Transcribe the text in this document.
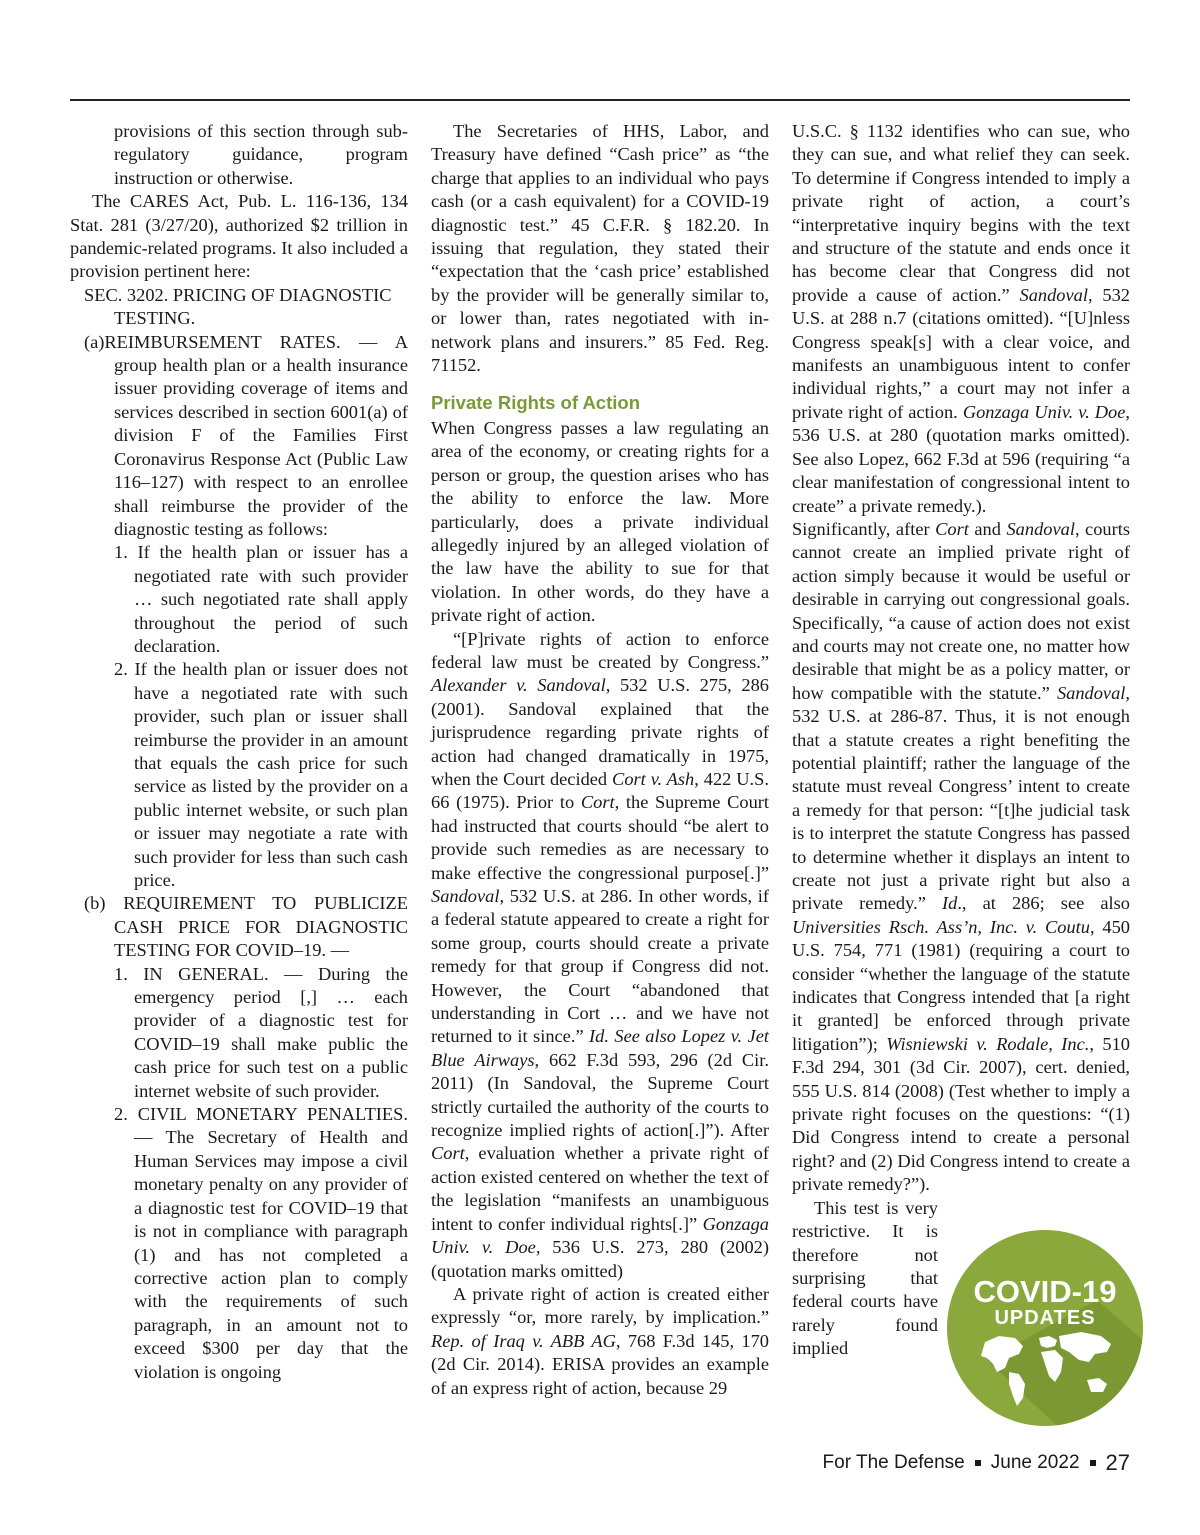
provisions of this section through sub-regulatory guidance, program instruction or otherwise.

The CARES Act, Pub. L. 116-136, 134 Stat. 281 (3/27/20), authorized $2 trillion in pandemic-related programs. It also included a provision pertinent here:

SEC. 3202. PRICING OF DIAGNOSTIC TESTING.

(a)REIMBURSEMENT RATES. — A group health plan or a health insurance issuer providing coverage of items and services described in section 6001(a) of division F of the Families First Coronavirus Response Act (Public Law 116–127) with respect to an enrollee shall reimburse the provider of the diagnostic testing as follows:

1. If the health plan or issuer has a negotiated rate with such provider … such negotiated rate shall apply throughout the period of such declaration.

2. If the health plan or issuer does not have a negotiated rate with such provider, such plan or issuer shall reimburse the provider in an amount that equals the cash price for such service as listed by the provider on a public internet website, or such plan or issuer may negotiate a rate with such provider for less than such cash price.

(b) REQUIREMENT TO PUBLICIZE CASH PRICE FOR DIAGNOSTIC TESTING FOR COVID–19. —

1. IN GENERAL. — During the emergency period [,] … each provider of a diagnostic test for COVID–19 shall make public the cash price for such test on a public internet website of such provider.

2. CIVIL MONETARY PENALTIES. — The Secretary of Health and Human Services may impose a civil monetary penalty on any provider of a diagnostic test for COVID–19 that is not in compliance with paragraph (1) and has not completed a corrective action plan to comply with the requirements of such paragraph, in an amount not to exceed $300 per day that the violation is ongoing

The Secretaries of HHS, Labor, and Treasury have defined “Cash price” as “the charge that applies to an individual who pays cash (or a cash equivalent) for a COVID-19 diagnostic test.” 45 C.F.R. § 182.20. In issuing that regulation, they stated their “expectation that the ‘cash price’ established by the provider will be generally similar to, or lower than, rates negotiated with in-network plans and insurers.” 85 Fed. Reg. 71152.

Private Rights of Action

When Congress passes a law regulating an area of the economy, or creating rights for a person or group, the question arises who has the ability to enforce the law. More particularly, does a private individual allegedly injured by an alleged violation of the law have the ability to sue for that violation. In other words, do they have a private right of action.

“[P]rivate rights of action to enforce federal law must be created by Congress.” Alexander v. Sandoval, 532 U.S. 275, 286 (2001). Sandoval explained that the jurisprudence regarding private rights of action had changed dramatically in 1975, when the Court decided Cort v. Ash, 422 U.S. 66 (1975). Prior to Cort, the Supreme Court had instructed that courts should “be alert to provide such remedies as are necessary to make effective the congressional purpose[.]” Sandoval, 532 U.S. at 286. In other words, if a federal statute appeared to create a right for some group, courts should create a private remedy for that group if Congress did not. However, the Court “abandoned that understanding in Cort … and we have not returned to it since.” Id. See also Lopez v. Jet Blue Airways, 662 F.3d 593, 296 (2d Cir. 2011) (In Sandoval, the Supreme Court strictly curtailed the authority of the courts to recognize implied rights of action[.]”). After Cort, evaluation whether a private right of action existed centered on whether the text of the legislation “manifests an unambiguous intent to confer individual rights[.]” Gonzaga Univ. v. Doe, 536 U.S. 273, 280 (2002) (quotation marks omitted)

A private right of action is created either expressly “or, more rarely, by implication.” Rep. of Iraq v. ABB AG, 768 F.3d 145, 170 (2d Cir. 2014). ERISA provides an example of an express right of action, because 29

U.S.C. § 1132 identifies who can sue, who they can sue, and what relief they can seek. To determine if Congress intended to imply a private right of action, a court’s “interpretative inquiry begins with the text and structure of the statute and ends once it has become clear that Congress did not provide a cause of action.” Sandoval, 532 U.S. at 288 n.7 (citations omitted). “[U]nless Congress speak[s] with a clear voice, and manifests an unambiguous intent to confer individual rights,” a court may not infer a private right of action. Gonzaga Univ. v. Doe, 536 U.S. at 280 (quotation marks omitted). See also Lopez, 662 F.3d at 596 (requiring “a clear manifestation of congressional intent to create” a private remedy.).

Significantly, after Cort and Sandoval, courts cannot create an implied private right of action simply because it would be useful or desirable in carrying out congressional goals. Specifically, “a cause of action does not exist and courts may not create one, no matter how desirable that might be as a policy matter, or how compatible with the statute.” Sandoval, 532 U.S. at 286-87. Thus, it is not enough that a statute creates a right benefiting the potential plaintiff; rather the language of the statute must reveal Congress’ intent to create a remedy for that person: “[t]he judicial task is to interpret the statute Congress has passed to determine whether it displays an intent to create not just a private right but also a private remedy.” Id., at 286; see also Universities Rsch. Ass’n, Inc. v. Coutu, 450 U.S. 754, 771 (1981) (requiring a court to consider “whether the language of the statute indicates that Congress intended that [a right it granted] be enforced through private litigation”); Wisniewski v. Rodale, Inc., 510 F.3d 294, 301 (3d Cir. 2007), cert. denied, 555 U.S. 814 (2008) (Test whether to imply a private right focuses on the questions: “(1) Did Congress intend to create a personal right? and (2) Did Congress intend to create a private remedy?”).

This test is very restrictive. It is therefore not surprising that federal courts have rarely found implied

COVID-19
UPDATES
For The Defense June 2022 27
